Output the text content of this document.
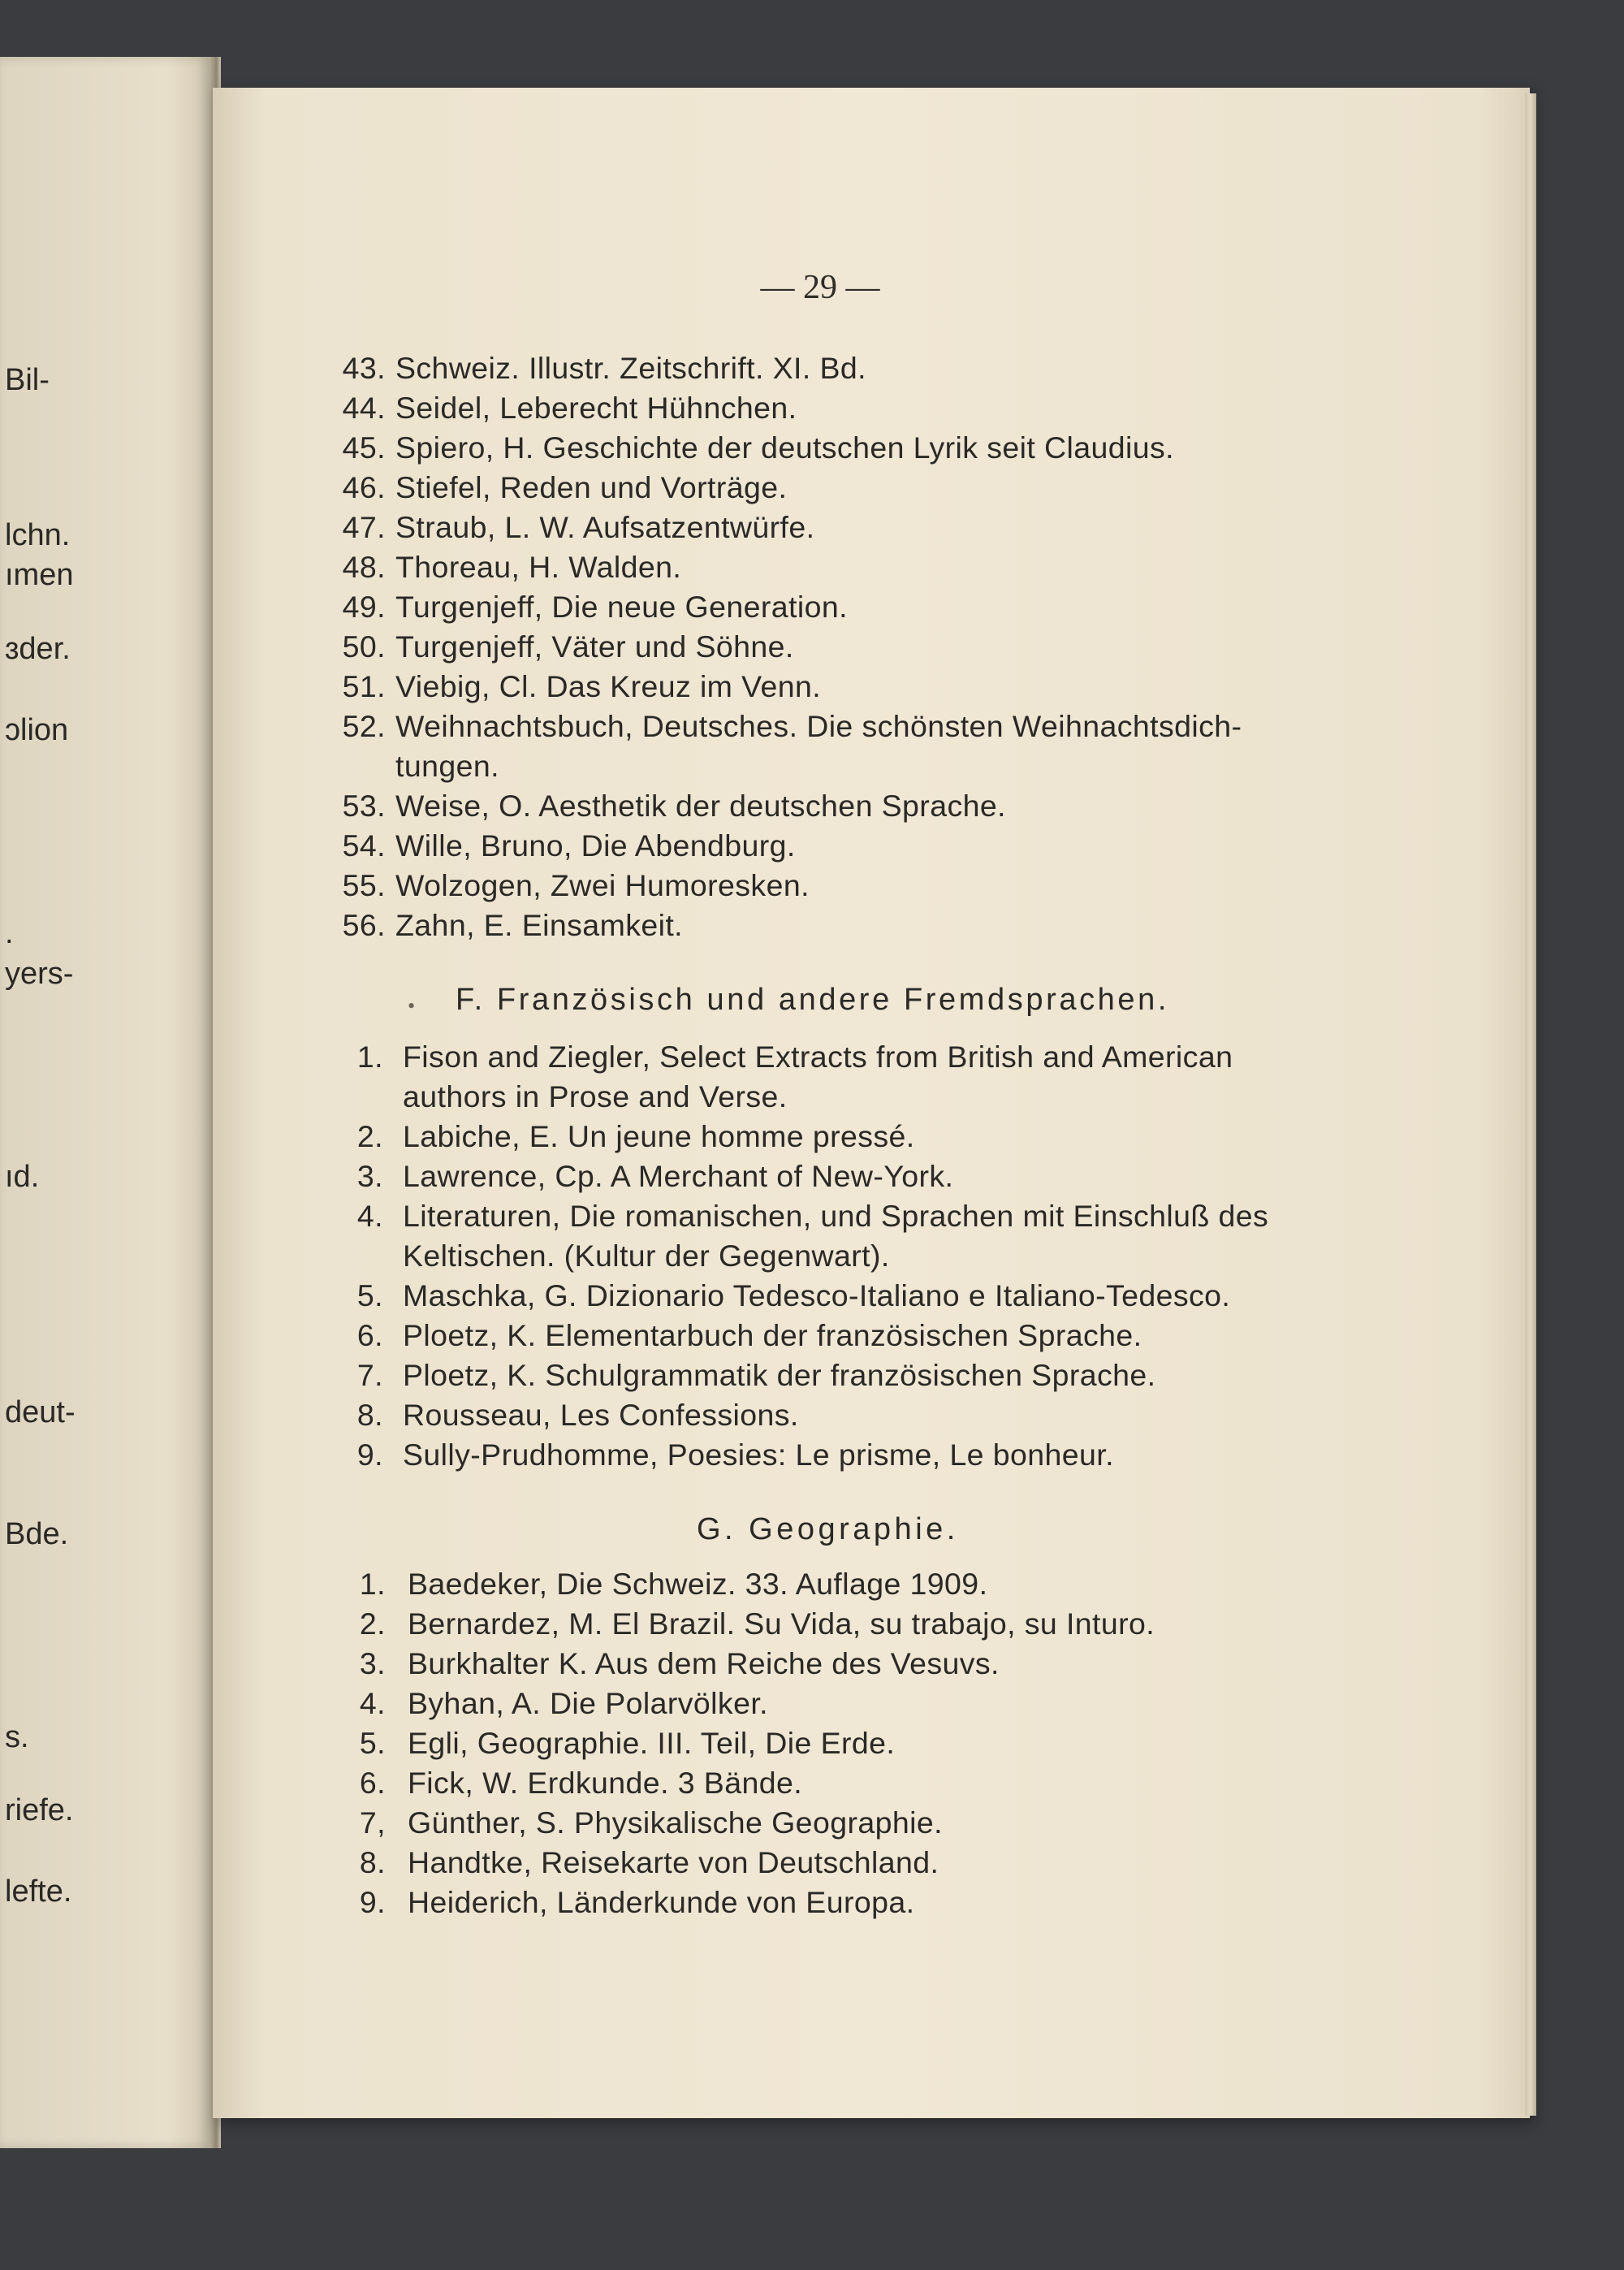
Bil-
lchn.
ımen
ɜder.
ɔlion
.
yers-
ıd.
deut-
Bde.
s.
riefe.
lefte.
— 29 —
43. Schweiz. Illustr. Zeitschrift. XI. Bd.
44. Seidel, Leberecht Hühnchen.
45. Spiero, H. Geschichte der deutschen Lyrik seit Claudius.
46. Stiefel, Reden und Vorträge.
47. Straub, L. W. Aufsatzentwürfe.
48. Thoreau, H. Walden.
49. Turgenjeff, Die neue Generation.
50. Turgenjeff, Väter und Söhne.
51. Viebig, Cl. Das Kreuz im Venn.
52. Weihnachtsbuch, Deutsches. Die schönsten Weihnachtsdich-
tungen.
53. Weise, O. Aesthetik der deutschen Sprache.
54. Wille, Bruno, Die Abendburg.
55. Wolzogen, Zwei Humoresken.
56. Zahn, E. Einsamkeit.
• F. Französisch und andere Fremdsprachen.
1. Fison and Ziegler, Select Extracts from British and American
authors in Prose and Verse.
2. Labiche, E. Un jeune homme pressé.
3. Lawrence, Cp. A Merchant of New-York.
4. Literaturen, Die romanischen, und Sprachen mit Einschluß des
Keltischen. (Kultur der Gegenwart).
5. Maschka, G. Dizionario Tedesco-Italiano e Italiano-Tedesco.
6. Ploetz, K. Elementarbuch der französischen Sprache.
7. Ploetz, K. Schulgrammatik der französischen Sprache.
8. Rousseau, Les Confessions.
9. Sully-Prudhomme, Poesies: Le prisme, Le bonheur.
G. Geographie.
1. Baedeker, Die Schweiz. 33. Auflage 1909.
2. Bernardez, M. El Brazil. Su Vida, su trabajo, su Inturo.
3. Burkhalter K. Aus dem Reiche des Vesuvs.
4. Byhan, A. Die Polarvölker.
5. Egli, Geographie. III. Teil, Die Erde.
6. Fick, W. Erdkunde. 3 Bände.
7, Günther, S. Physikalische Geographie.
8. Handtke, Reisekarte von Deutschland.
9. Heiderich, Länderkunde von Europa.
